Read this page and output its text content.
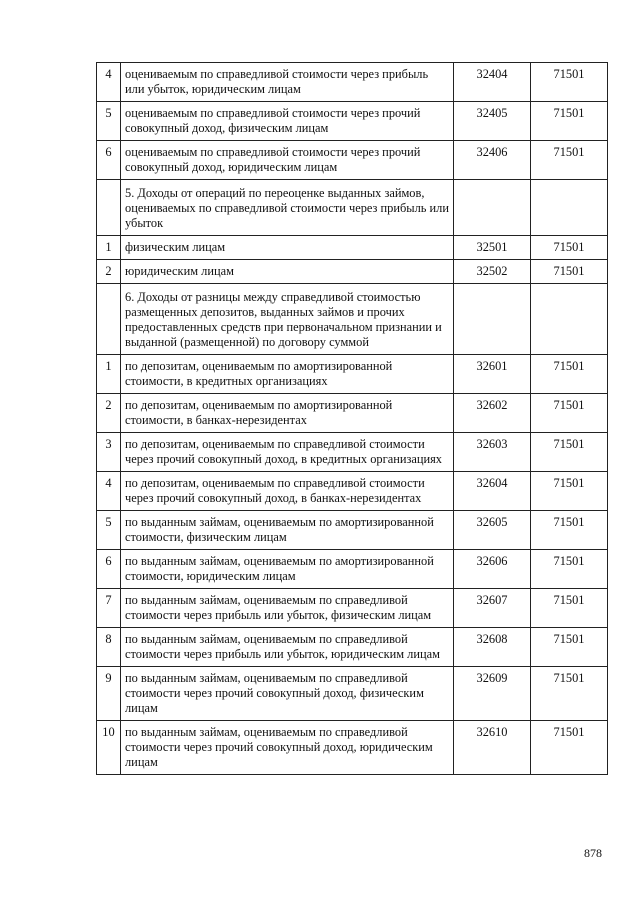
4	оцениваемым по справедливой стоимости через прибыль или убыток, юридическим лицам	32404	71501
5	оцениваемым по справедливой стоимости через прочий совокупный доход, физическим лицам	32405	71501
6	оцениваемым по справедливой стоимости через прочий совокупный доход, юридическим лицам	32406	71501
	5. Доходы от операций по переоценке выданных займов, оцениваемых по справедливой стоимости через прибыль или убыток		
1	физическим лицам	32501	71501
2	юридическим лицам	32502	71501
	6. Доходы от разницы между справедливой стоимостью размещенных депозитов, выданных займов и прочих предоставленных средств при первоначальном признании и выданной (размещенной) по договору суммой		
1	по депозитам, оцениваемым по амортизированной стоимости, в кредитных организациях	32601	71501
2	по депозитам, оцениваемым по амортизированной стоимости, в банках-нерезидентах	32602	71501
3	по депозитам, оцениваемым по справедливой стоимости через прочий совокупный доход, в кредитных организациях	32603	71501
4	по депозитам, оцениваемым по справедливой стоимости через прочий совокупный доход, в банках-нерезидентах	32604	71501
5	по выданным займам, оцениваемым по амортизированной стоимости, физическим лицам	32605	71501
6	по выданным займам, оцениваемым по амортизированной стоимости, юридическим лицам	32606	71501
7	по выданным займам, оцениваемым по справедливой стоимости через прибыль или убыток, физическим лицам	32607	71501
8	по выданным займам, оцениваемым по справедливой стоимости через прибыль или убыток, юридическим лицам	32608	71501
9	по выданным займам, оцениваемым по справедливой стоимости через прочий совокупный доход, физическим лицам	32609	71501
10	по выданным займам, оцениваемым по справедливой стоимости через прочий совокупный доход, юридическим лицам	32610	71501
878
